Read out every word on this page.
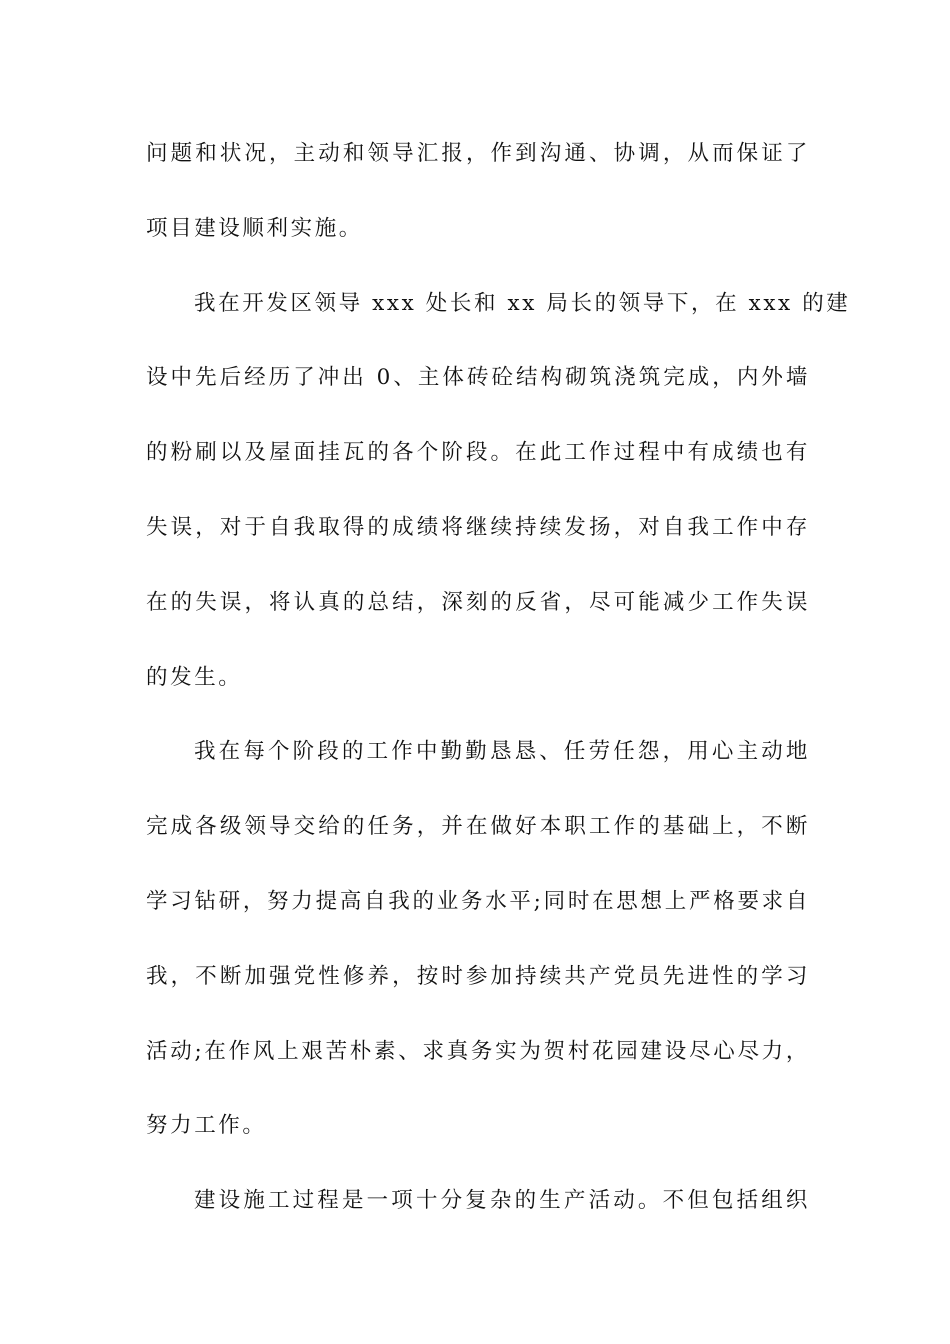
问题和状况，主动和领导汇报，作到沟通、协调，从而保证了
项目建设顺利实施。
我在开发区领导 xxx 处长和 xx 局长的领导下，在 xxx 的建
设中先后经历了冲出 0、主体砖砼结构砌筑浇筑完成，内外墙
的粉刷以及屋面挂瓦的各个阶段。在此工作过程中有成绩也有
失误，对于自我取得的成绩将继续持续发扬，对自我工作中存
在的失误，将认真的总结，深刻的反省，尽可能减少工作失误
的发生。
我在每个阶段的工作中勤勤恳恳、任劳任怨，用心主动地
完成各级领导交给的任务，并在做好本职工作的基础上，不断
学习钻研，努力提高自我的业务水平;同时在思想上严格要求自
我，不断加强党性修养，按时参加持续共产党员先进性的学习
活动;在作风上艰苦朴素、求真务实为贺村花园建设尽心尽力，
努力工作。
建设施工过程是一项十分复杂的生产活动。不但包括组织
